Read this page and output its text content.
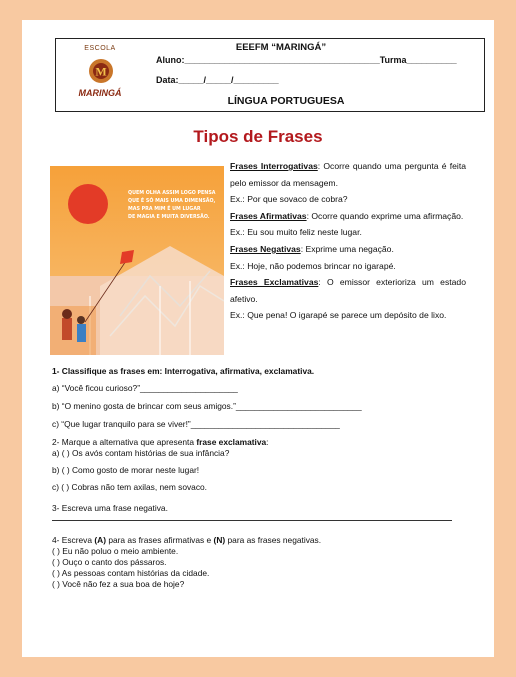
ESCOLA
M
MARINGÁ
EEEFM “MARINGÁ”
Aluno:_______________________________________Turma__________
Data:_____/_____/_________
LÍNGUA PORTUGUESA
Tipos de Frases
QUEM OLHA ASSIM LOGO PENSA
QUE É SÓ MAIS UMA DIMENSÃO,
MAS PRA MIM É UM LUGAR
DE MAGIA E MUITA DIVERSÃO.

Frases Interrogativas: Ocorre quando uma pergunta é feita pelo emissor da mensagem.

Ex.: Por que sovaco de cobra?

Frases Afirmativas: Ocorre quando exprime uma afirmação.

Ex.: Eu sou muito feliz neste lugar.

Frases Negativas: Exprime uma negação.

Ex.: Hoje, não podemos brincar no igarapé.

Frases Exclamativas: O emissor exterioriza um estado afetivo.

Ex.: Que pena! O igarapé se parece um depósito de lixo.

1- Classifique as frases em: Interrogativa, afirmativa, exclamativa.
a) “Você ficou curioso?”_____________________
b) “O menino gosta de brincar com seus amigos.”___________________________
c) “Que lugar tranquilo para se viver!”________________________________
2- Marque a alternativa que apresenta frase exclamativa:
a) ( ) Os avós contam histórias de sua infância?
b) ( ) Como gosto de morar neste lugar!
c) ( ) Cobras não tem axilas, nem sovaco.
3- Escreva uma frase negativa.
4- Escreva (A) para as frases afirmativas e (N) para as frases negativas.
( ) Eu não poluo o meio ambiente.
( ) Ouço o canto dos pássaros.
( ) As pessoas contam histórias da cidade.
( ) Você não fez a sua boa de hoje?
